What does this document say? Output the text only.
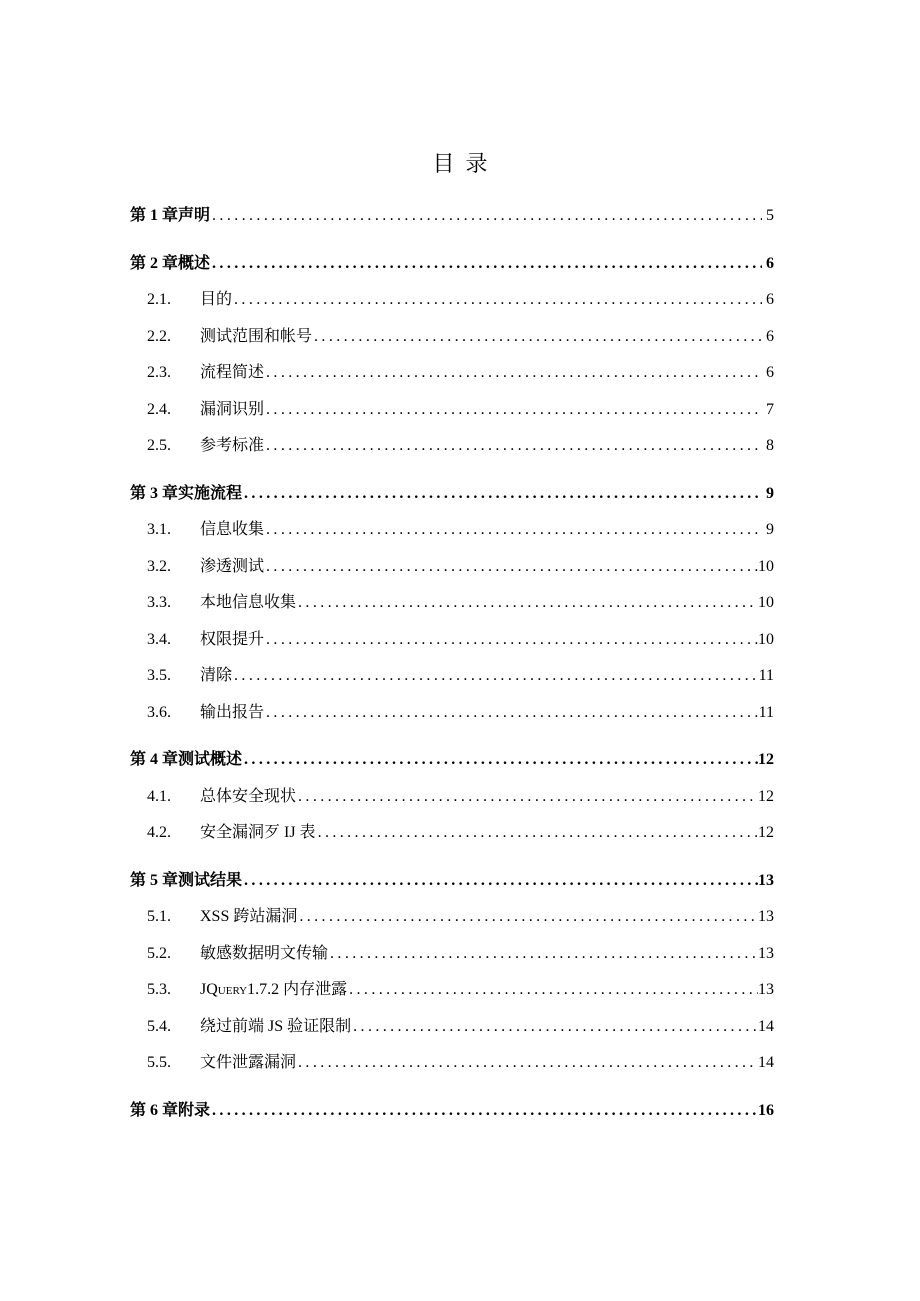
目录
第 1 章 声明 .....	5
第 2 章 概述 .....	6
2.1.	目的 .....	6
2.2.	测试范围和帐号 .....	6
2.3.	流程简述 .....	6
2.4.	漏洞识别 .....	7
2.5.	参考标准 .....	8
第 3 章 实施流程 .....	9
3.1.	信息收集 .....	9
3.2.	渗透测试 .....	10
3.3.	本地信息收集 .....	10
3.4.	权限提升 .....	10
3.5.	清除 .....	11
3.6.	输出报告 .....	11
第 4 章 测试概述 .....	12
4.1.	总体安全现状 .....	12
4.2.	安全漏洞歹 IJ 表 .....	12
第 5 章 测试结果 .....	13
5.1.	XSS 跨站漏洞 .....	13
5.2.	敏感数据明文传输 .....	13
5.3.	JQuery1.7.2 内存泄露 .....	13
5.4.	绕过前端 JS 验证限制 .....	14
5.5.	文件泄露漏洞 .....	14
第 6 章 附录 .....	16
